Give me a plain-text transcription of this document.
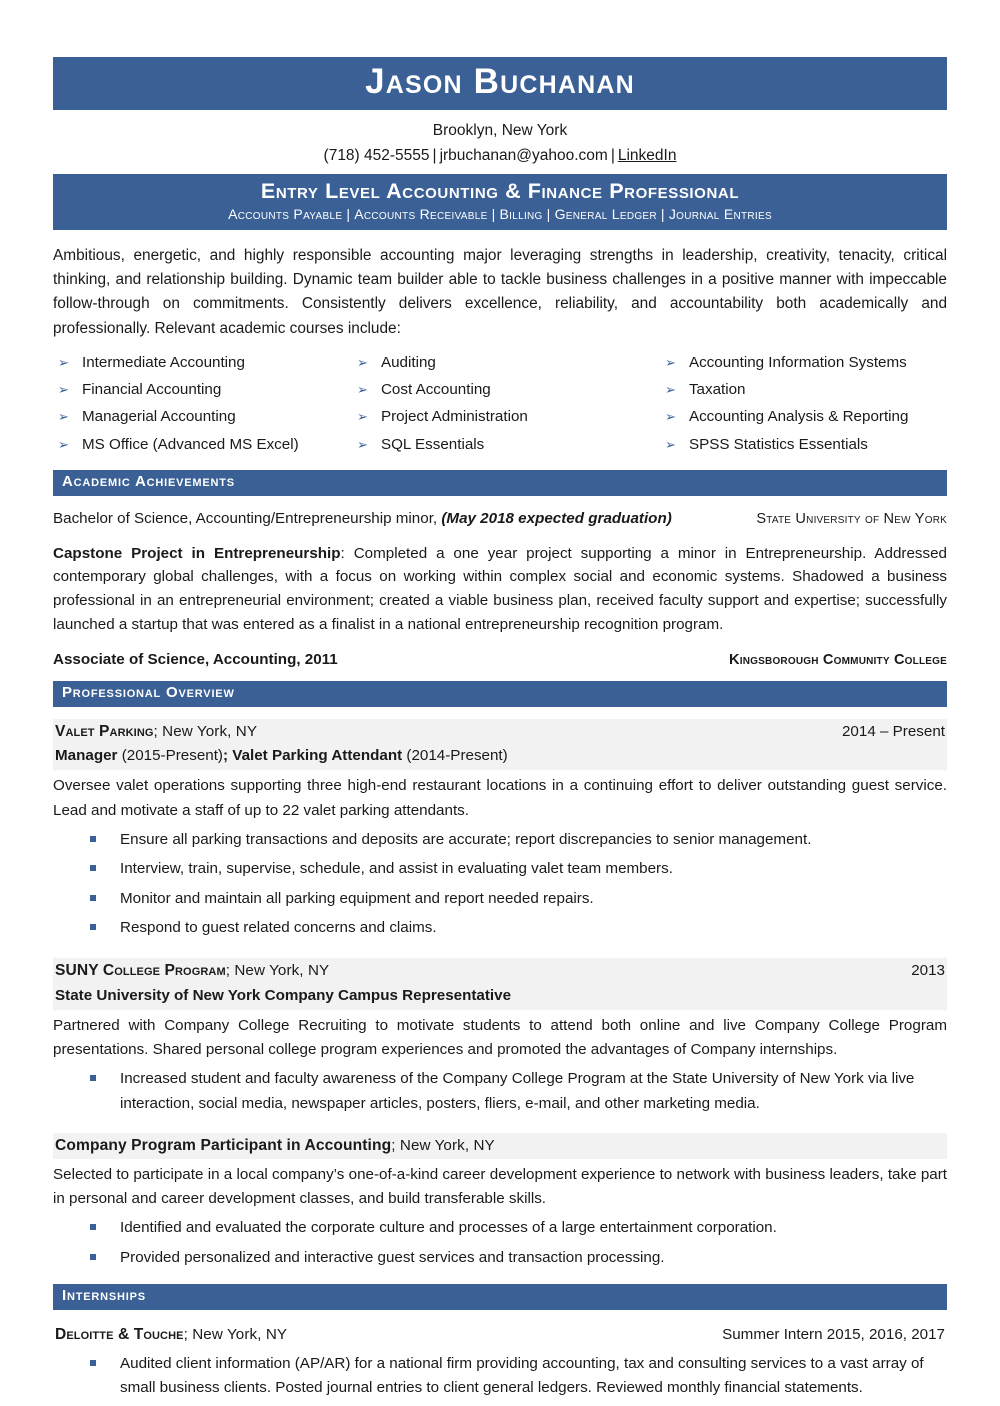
Jason Buchanan
Brooklyn, New York
(718) 452-5555 | jrbuchanan@yahoo.com | LinkedIn
Entry Level Accounting & Finance Professional
Accounts Payable | Accounts Receivable | Billing | General Ledger | Journal Entries

Ambitious, energetic, and highly responsible accounting major leveraging strengths in leadership, creativity, tenacity, critical thinking, and relationship building. Dynamic team builder able to tackle business challenges in a positive manner with impeccable follow-through on commitments. Consistently delivers excellence, reliability, and accountability both academically and professionally. Relevant academic courses include:

➢ Intermediate Accounting
➢ Financial Accounting
➢ Managerial Accounting
➢ MS Office (Advanced MS Excel)
➢ Auditing
➢ Cost Accounting
➢ Project Administration
➢ SQL Essentials
➢ Accounting Information Systems
➢ Taxation
➢ Accounting Analysis & Reporting
➢ SPSS Statistics Essentials
Academic Achievements
Bachelor of Science, Accounting/Entrepreneurship minor, (May 2018 expected graduation)	State University of New York

Capstone Project in Entrepreneurship: Completed a one year project supporting a minor in Entrepreneurship. Addressed contemporary global challenges, with a focus on working within complex social and economic systems. Shadowed a business professional in an entrepreneurial environment; created a viable business plan, received faculty support and expertise; successfully launched a startup that was entered as a finalist in a national entrepreneurship recognition program.

Associate of Science, Accounting, 2011	Kingsborough Community College
Professional Overview
Valet Parking; New York, NY	2014 – Present
Manager (2015-Present); Valet Parking Attendant (2014-Present)

Oversee valet operations supporting three high-end restaurant locations in a continuing effort to deliver outstanding guest service. Lead and motivate a staff of up to 22 valet parking attendants.

Ensure all parking transactions and deposits are accurate; report discrepancies to senior management.
Interview, train, supervise, schedule, and assist in evaluating valet team members.
Monitor and maintain all parking equipment and report needed repairs.
Respond to guest related concerns and claims.
SUNY College Program; New York, NY	2013
State University of New York Company Campus Representative

Partnered with Company College Recruiting to motivate students to attend both online and live Company College Program presentations. Shared personal college program experiences and promoted the advantages of Company internships.

Increased student and faculty awareness of the Company College Program at the State University of New York via live interaction, social media, newspaper articles, posters, fliers, e-mail, and other marketing media.
Company Program Participant in Accounting; New York, NY

Selected to participate in a local company’s one-of-a-kind career development experience to network with business leaders, take part in personal and career development classes, and build transferable skills.

Identified and evaluated the corporate culture and processes of a large entertainment corporation.
Provided personalized and interactive guest services and transaction processing.
Internships
Deloitte & Touche; New York, NY	Summer Intern 2015, 2016, 2017
Audited client information (AP/AR) for a national firm providing accounting, tax and consulting services to a vast array of small business clients. Posted journal entries to client general ledgers. Reviewed monthly financial statements.
